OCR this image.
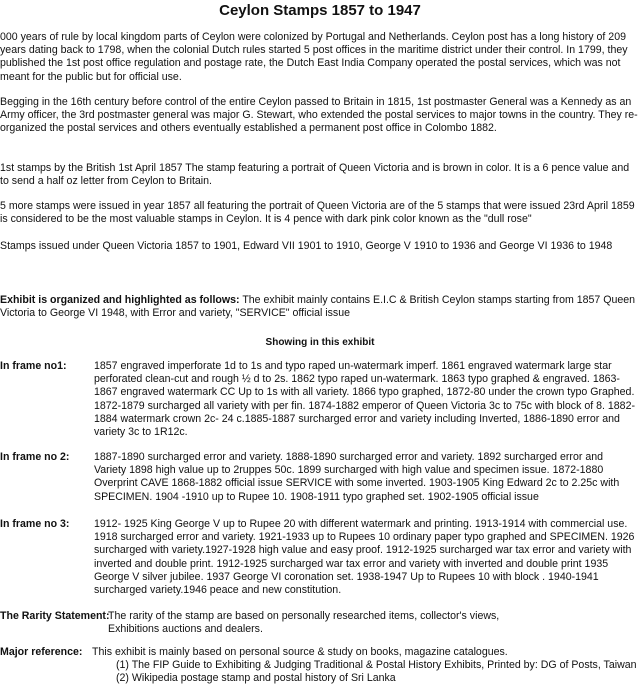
Ceylon Stamps 1857 to 1947

000 years of rule by local kingdom parts of Ceylon were colonized by Portugal and Netherlands. Ceylon post has a long history of 209 years dating back to 1798, when the colonial Dutch rules started 5 post offices in the maritime district under their control. In 1799, they published the 1st post office regulation and postage rate, the Dutch East India Company operated the postal services, which was not meant for the public but for official use.

Begging in the 16th century before control of the entire Ceylon passed to Britain in 1815, 1st postmaster General was a Kennedy as an Army officer, the 3rd postmaster general was major G. Stewart, who extended the postal services to major towns in the country. They re-organized the postal services and others eventually established a permanent post office in Colombo 1882.

1st stamps by the British 1st April 1857 The stamp featuring a portrait of Queen Victoria and is brown in color. It is a 6 pence value and to send a half oz letter from Ceylon to Britain.

5 more stamps were issued in year 1857 all featuring the portrait of Queen Victoria are of the 5 stamps that were issued 23rd April 1859 is considered to be the most valuable stamps in Ceylon. It is 4 pence with dark pink color known as the "dull rose"

Stamps issued under Queen Victoria 1857 to 1901, Edward VII 1901 to 1910, George V 1910 to 1936 and George VI 1936 to 1948

Exhibit is organized and highlighted as follows: The exhibit mainly contains E.I.C & British Ceylon stamps starting from 1857 Queen Victoria to George VI 1948, with Error and variety, "SERVICE" official issue

Showing in this exhibit
In frame no1:	1857 engraved imperforate 1d to 1s and typo raped un-watermark imperf. 1861 engraved watermark large star perforated clean-cut and rough ½ d to 2s. 1862 typo raped un-watermark. 1863 typo graphed & engraved. 1863-1867 engraved watermark CC Up to 1s with all variety. 1866 typo graphed, 1872-80 under the crown typo Graphed. 1872-1879 surcharged all variety with per fin. 1874-1882 emperor of Queen Victoria 3c to 75c with block of 8. 1882-1884 watermark crown 2c- 24 c.1885-1887 surcharged error and variety including Inverted, 1886-1890 error and variety 3c to 1R12c.
In frame no 2: 1887-1890 surcharged error and variety. 1888-1890 surcharged error and variety. 1892 surcharged error and Variety 1898 high value up to 2ruppes 50c. 1899 surcharged with high value and specimen issue. 1872-1880 Overprint CAVE 1868-1882 official issue SERVICE with some inverted. 1903-1905 King Edward 2c to 2.25c with SPECIMEN. 1904 -1910 up to Rupee 10. 1908-1911 typo graphed set. 1902-1905 official issue
In frame no 3: 1912- 1925 King George V up to Rupee 20 with different watermark and printing. 1913-1914 with commercial use. 1918 surcharged error and variety. 1921-1933 up to Rupees 10 ordinary paper typo graphed and SPECIMEN. 1926 surcharged with variety.1927-1928 high value and easy proof. 1912-1925 surcharged war tax error and variety with inverted and double print. 1912-1925 surcharged war tax error and variety with inverted and double print 1935 George V silver jubilee. 1937 George VI coronation set. 1938-1947 Up to Rupees 10 with block . 1940-1941 surcharged variety.1946 peace and new constitution.
The Rarity Statement:
The rarity of the stamp are based on personally researched items, collector's views, Exhibitions auctions and dealers.
Major reference: This exhibit is mainly based on personal source & study on books, magazine catalogues.
(1) The FIP Guide to Exhibiting & Judging Traditional & Postal History Exhibits, Printed by: DG of Posts, Taiwan
(2) Wikipedia postage stamp and postal history of Sri Lanka
